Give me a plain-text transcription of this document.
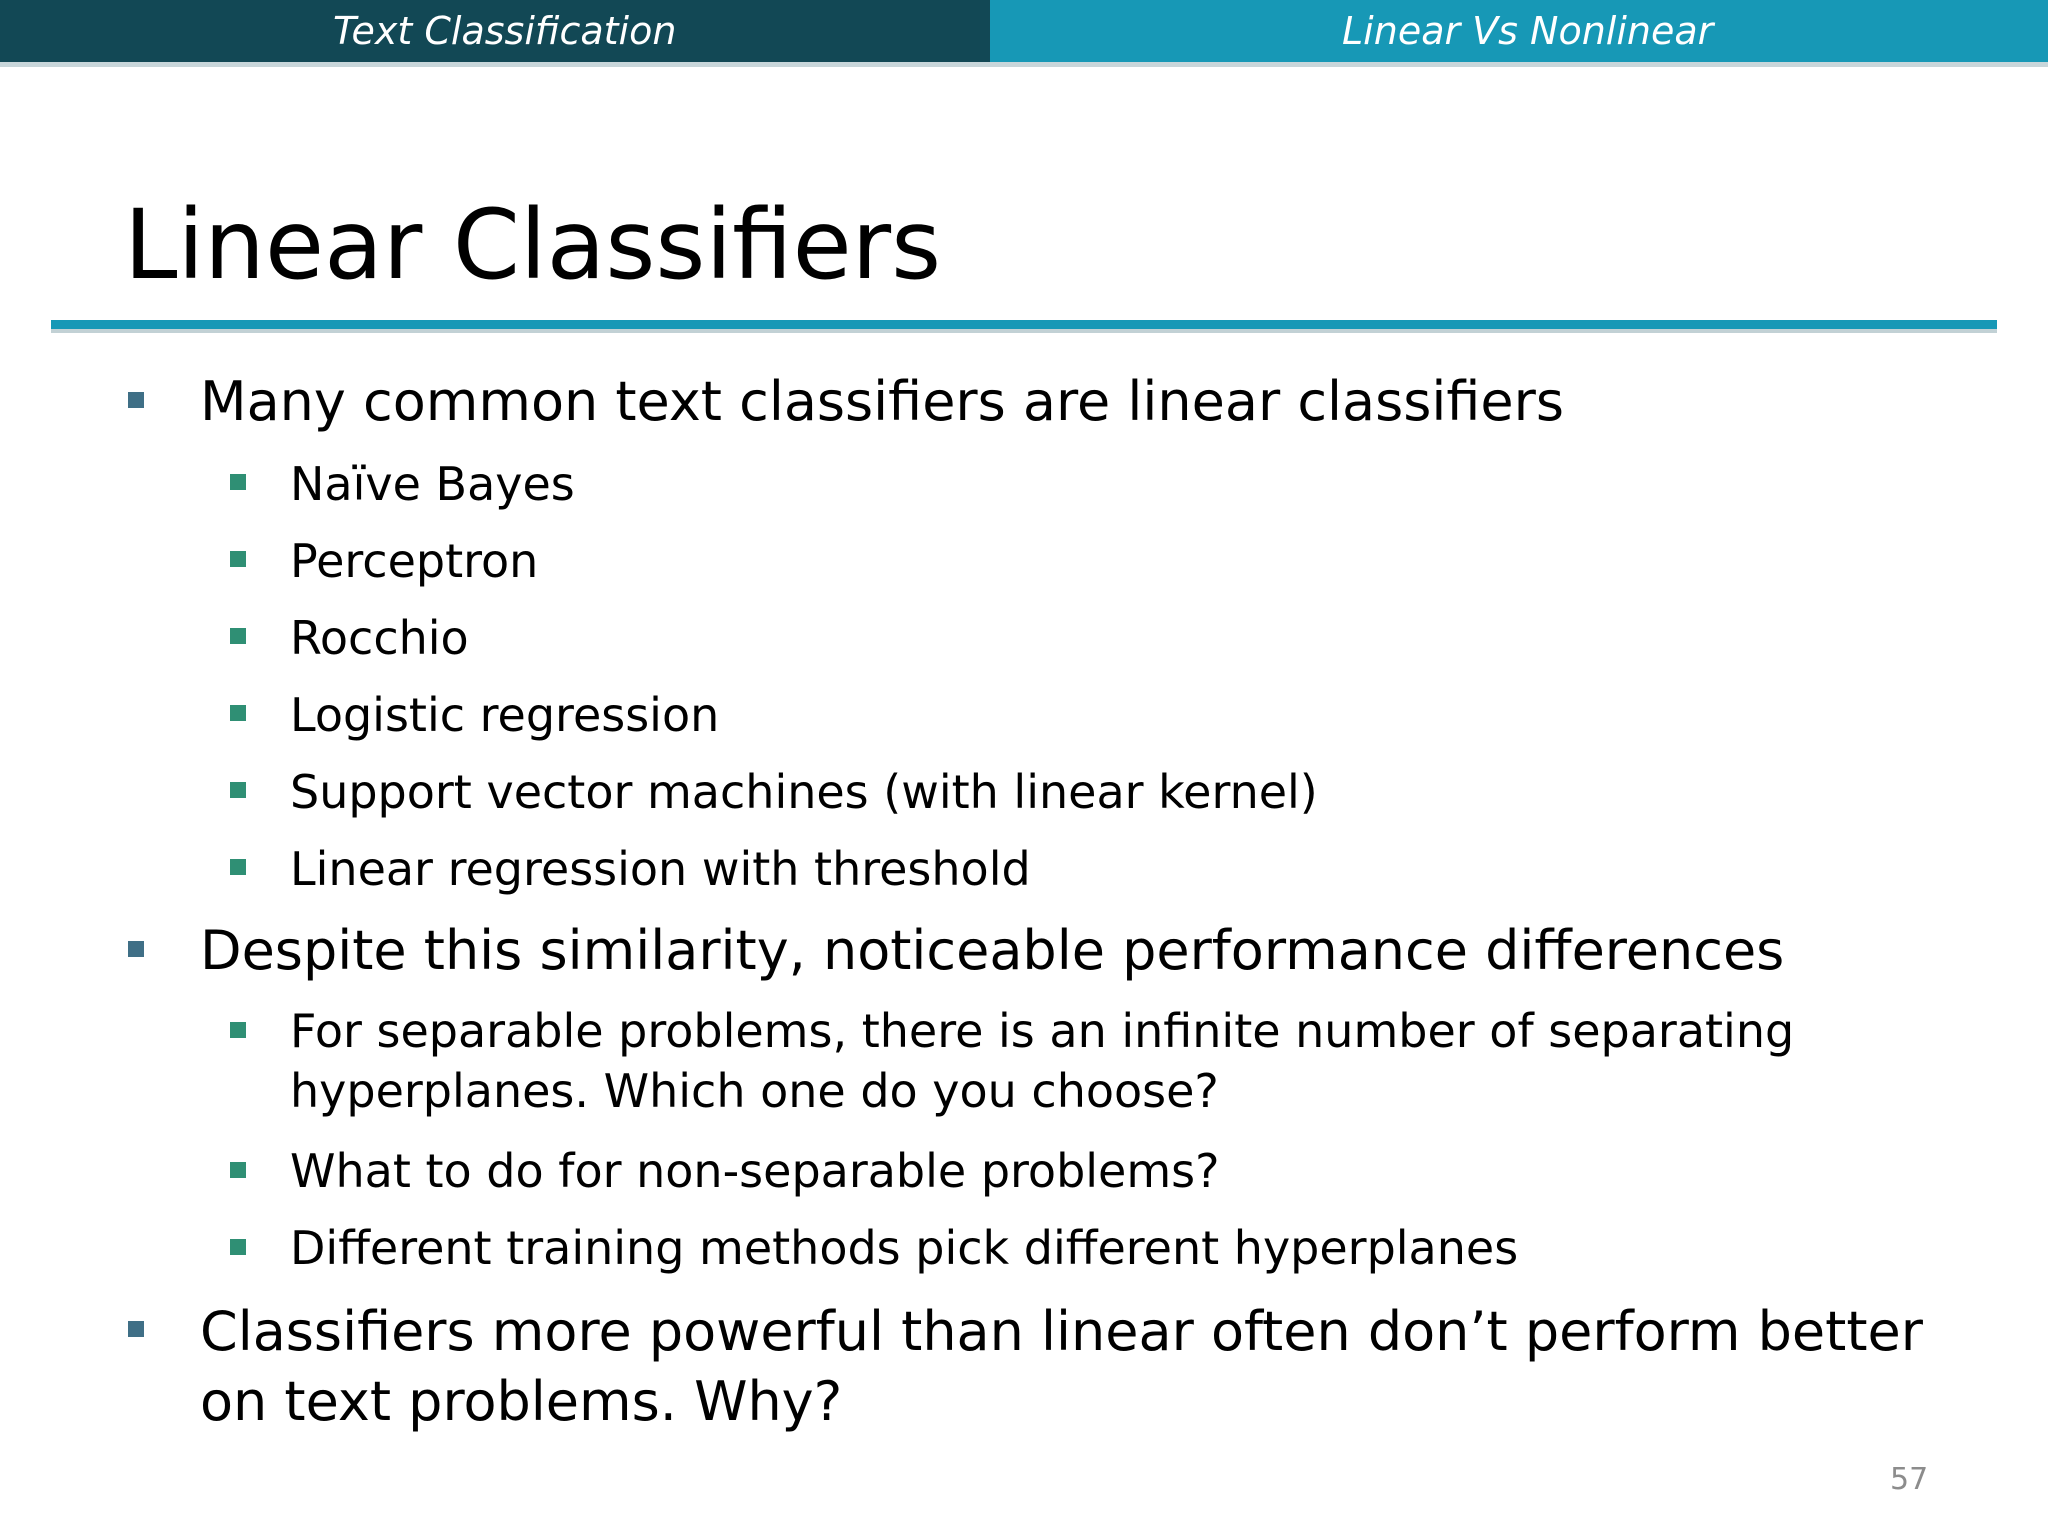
Text Classification	Linear Vs Nonlinear
Linear Classifiers
Many common text classifiers are linear classifiers
Naïve Bayes
Perceptron
Rocchio
Logistic regression
Support vector machines (with linear kernel)
Linear regression with threshold
Despite this similarity, noticeable performance differences
For separable problems, there is an infinite number of separating hyperplanes. Which one do you choose?
What to do for non-separable problems?
Different training methods pick different hyperplanes
Classifiers more powerful than linear often don’t perform better on text problems. Why?
57
